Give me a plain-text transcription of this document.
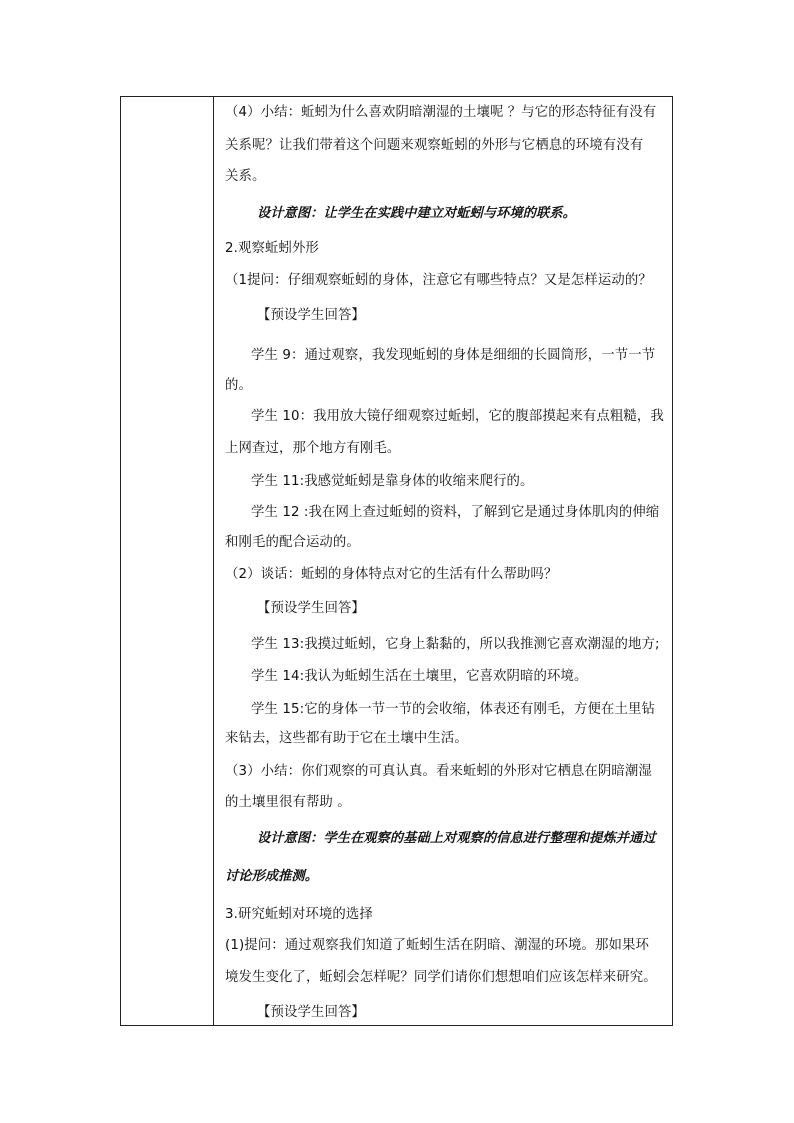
（4）小结：蚯蚓为什么喜欢阴暗潮湿的土壤呢 ？与它的形态特征有没有
关系呢？让我们带着这个问题来观察蚯蚓的外形与它栖息的环境有没有
关系。
设计意图：让学生在实践中建立对蚯蚓与环境的联系。
2.观察蚯蚓外形
（1提问：仔细观察蚯蚓的身体，注意它有哪些特点？又是怎样运动的？
【预设学生回答】
学生 9：通过观察，我发现蚯蚓的身体是细细的长圆筒形，一节一节
的。
学生 10：我用放大镜仔细观察过蚯蚓，它的腹部摸起来有点粗糙，我
上网查过，那个地方有刚毛。
学生 11:我感觉蚯蚓是靠身体的收缩来爬行的。
学生 12 :我在网上查过蚯蚓的资料，了解到它是通过身体肌肉的伸缩
和刚毛的配合运动的。
（2）谈话：蚯蚓的身体特点对它的生活有什么帮助吗？
【预设学生回答】
学生 13:我摸过蚯蚓，它身上黏黏的，所以我推测它喜欢潮湿的地方;
学生 14:我认为蚯蚓生活在土壤里，它喜欢阴暗的环境。
学生 15:它的身体一节一节的会收缩，体表还有刚毛，方便在土里钻
来钻去，这些都有助于它在土壤中生活。
（3）小结：你们观察的可真认真。看来蚯蚓的外形对它栖息在阴暗潮湿
的土壤里很有帮助 。
设计意图：学生在观察的基础上对观察的信息进行整理和提炼并通过
讨论形成推测。
3.研究蚯蚓对环境的选择
(1)提问：通过观察我们知道了蚯蚓生活在阴暗、潮湿的环境。那如果环
境发生变化了，蚯蚓会怎样呢？同学们请你们想想咱们应该怎样来研究。
【预设学生回答】
